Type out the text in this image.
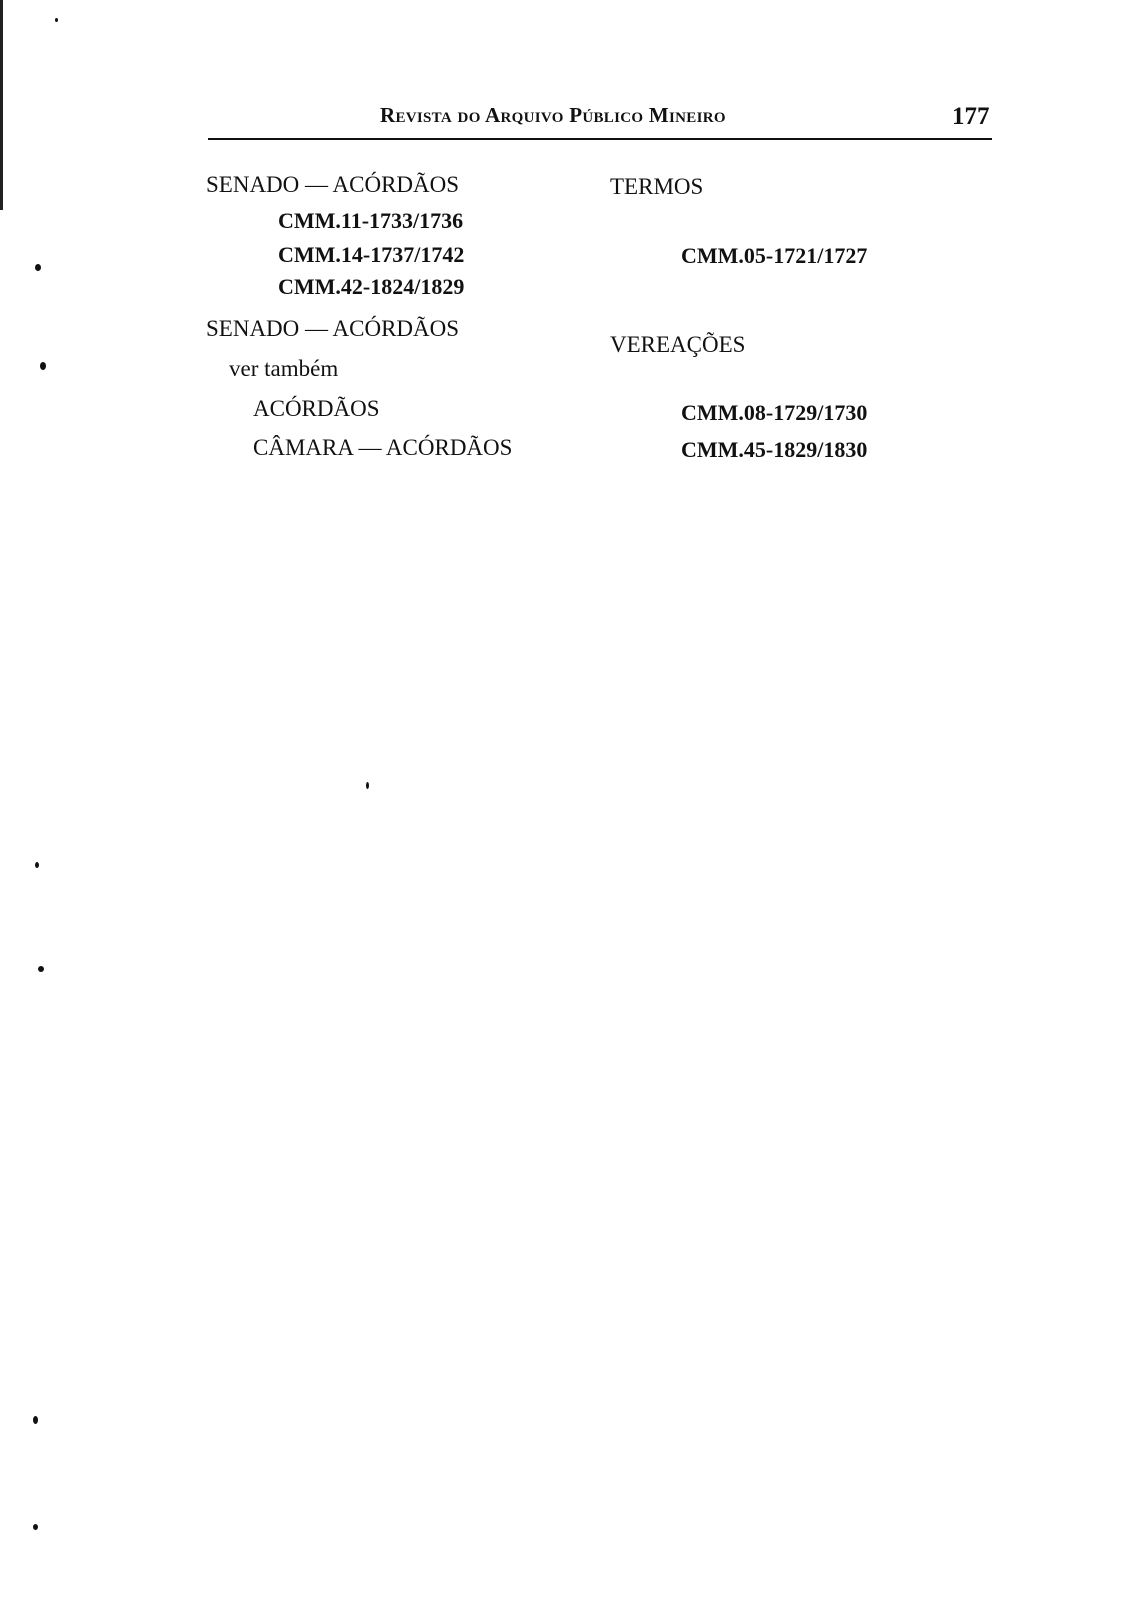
Revista do Arquivo Público Mineiro	177
SENADO — ACÓRDÃOS
CMM.11-1733/1736
CMM.14-1737/1742
CMM.42-1824/1829
SENADO — ACÓRDÃOS
ver também
ACÓRDÃOS
CÂMARA — ACÓRDÃOS
TERMOS
CMM.05-1721/1727
VEREAÇÕES
CMM.08-1729/1730
CMM.45-1829/1830
